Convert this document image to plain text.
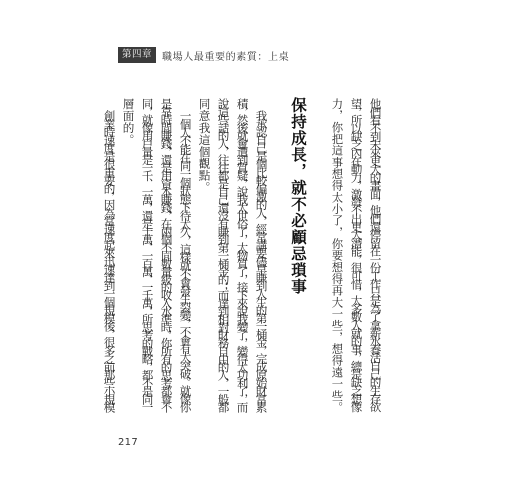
第四章	職場人最重要的素質：上桌
他們看不到未來更大的畫面，他們還停留在一份工作只是為了拿薪水養活自己的生存欲
望，所以缺乏內在動力，激發不出更大潛能，很可惜，大多數人就的事，總是缺乏想像
力，你把這事想得太小了，你要想得再大一些，想得遠一些。
保持成長，就不必顧忌瑣事
我承認自己是個比較偏激的人，經常講要儘早賺到人生的第一桶金，完成原始財富累
積，然後就會遭到質疑，說我太世俗了，太物質了，接下來說我變了，變得太功利了，而
說這些話的人，往往都是自己還沒有賺到第一桶金的；而達到相對財務自由的人，一般都
同意我這個觀點。
一個人不能在同一個狀態下待太久，這樣就不會發生裂變，不會有大突破。就像你
是靠時間賺錢，還是用資本賺錢，在兩個不同數量級的收入水準時，你所有的思考都會不
同，就像用戶量是一千、一萬，還是十萬、一百萬、一千萬，所思考的戰略，都不是同一
層面的。
創業時速度是很重要的，因為當速度起來迅速達到一個規模後，很多之前那些小規模
217
